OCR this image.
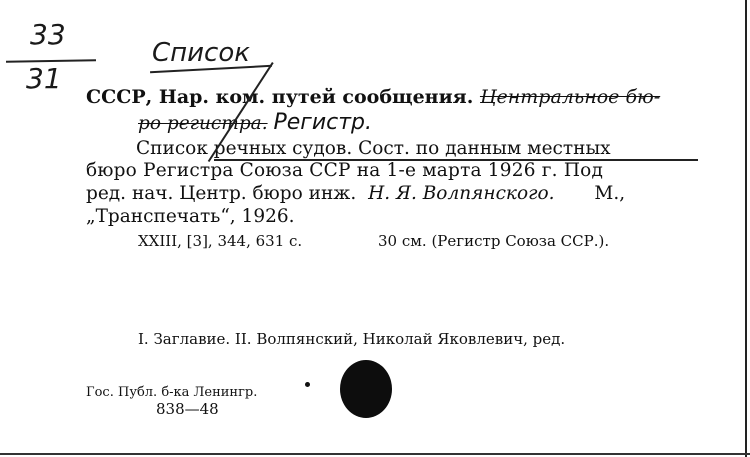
33
31
Список
СССР, Нар. ком. путей сообщения. Центральное бю-
ро регистра. Регистр.
Список речных судов. Сост. по данным местных
бюро Регистра Союза ССР на 1-е марта 1926 г. Под
ред. нач. Центр. бюро инж. Н. Я. Волпянского. М.,
„Транспечать“, 1926.
XXIII, [3], 344, 631 с.	30 см. (Регистр Союза ССР.).
I. Заглавие. II. Волпянский, Николай Яковлевич, ред.
Гос. Публ. б-ка Ленингр.
838—48
